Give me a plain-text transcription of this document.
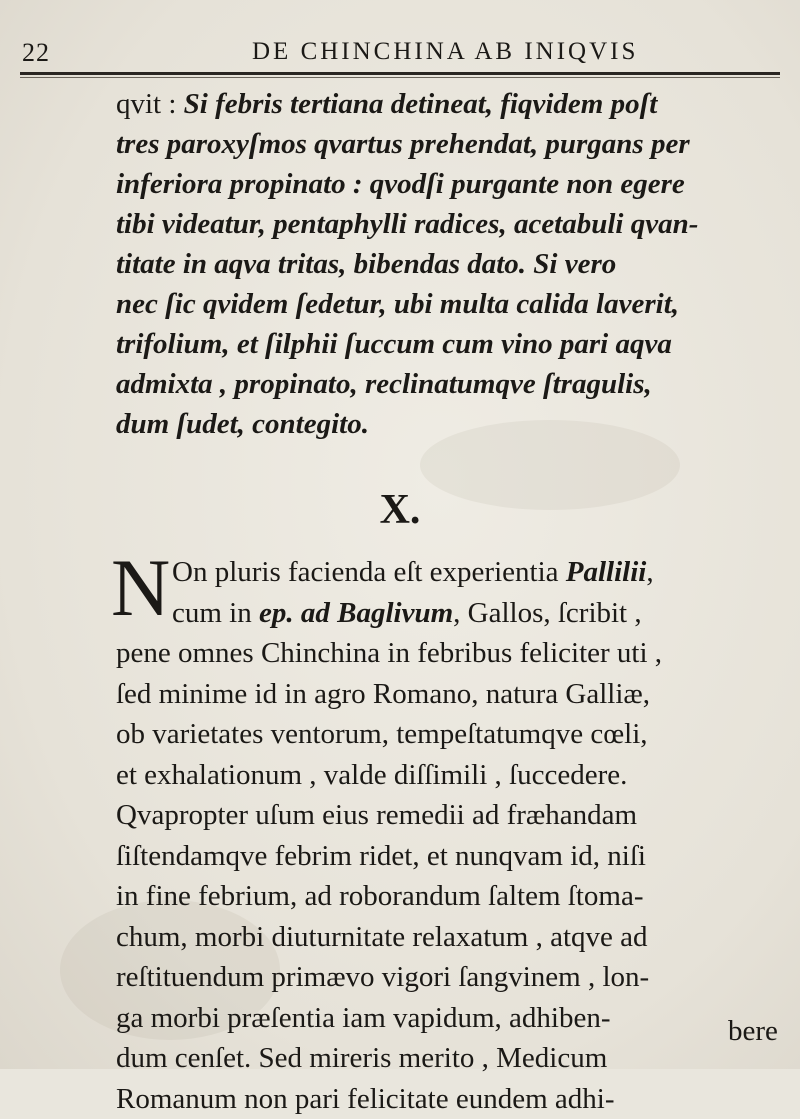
22	DE CHINCHINA AB INIQVIS
qvit : Si febris tertiana detineat, fiqvidem poſt
tres paroxyſmos qvartus prehendat, purgans per
inferiora propinato : qvodſi purgante non egere
tibi videatur, pentaphylli radices, acetabuli qvan-
titate in aqva tritas, bibendas dato. Si vero
nec ſic qvidem ſedetur, ubi multa calida laverit,
trifolium, et ſilphii ſuccum cum vino pari aqva
admixta , propinato, reclinatumqve ſtragulis,
dum ſudet, contegito.
X.
N On pluris facienda eſt experientia Pallilii,
cum in ep. ad Baglivum, Gallos, ſcribit ,
pene omnes Chinchina in febribus feliciter uti ,
ſed minime id in agro Romano, natura Galliæ,
ob varietates ventorum, tempeſtatumqve cœli,
et exhalationum , valde diſſimili , ſuccedere.
Qvapropter uſum eius remedii ad fræhandam
ſiſtendamqve febrim ridet, et nunqvam id, niſi
in fine febrium, ad roborandum ſaltem ſtoma-
chum, morbi diuturnitate relaxatum , atqve ad
reſtituendum primævo vigori ſangvinem , lon-
ga morbi præſentia iam vapidum, adhiben-
dum cenſet. Sed mireris merito , Medicum
Romanum non pari felicitate eundem adhi-
bere
